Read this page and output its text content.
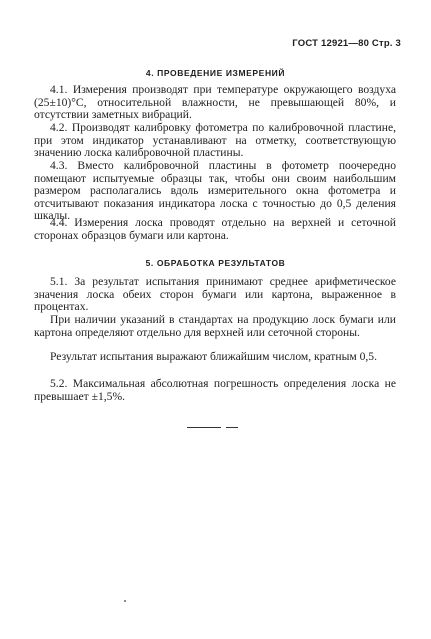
ГОСТ 12921—80 Стр. 3
4. ПРОВЕДЕНИЕ ИЗМЕРЕНИЙ

4.1. Измерения производят при температуре окружающего воздуха (25±10)°С, относительной влажности, не превышающей 80%, и отсутствии заметных вибраций.

4.2. Производят калибровку фотометра по калибровочной пластине, при этом индикатор устанавливают на отметку, соответствующую значению лоска калибровочной пластины.

4.3. Вместо калибровочной пластины в фотометр поочередно помещают испытуемые образцы так, чтобы они своим наибольшим размером располагались вдоль измерительного окна фотометра и отсчитывают показания индикатора лоска с точностью до 0,5 деления шкалы.

4.4. Измерения лоска проводят отдельно на верхней и сеточной сторонах образцов бумаги или картона.

5. ОБРАБОТКА РЕЗУЛЬТАТОВ

5.1. За результат испытания принимают среднее арифметическое значения лоска обеих сторон бумаги или картона, выраженное в процентах.

При наличии указаний в стандартах на продукцию лоск бумаги или картона определяют отдельно для верхней или сеточной стороны.

Результат испытания выражают ближайшим числом, кратным 0,5.

5.2. Максимальная абсолютная погрешность определения лоска не превышает ±1,5%.
